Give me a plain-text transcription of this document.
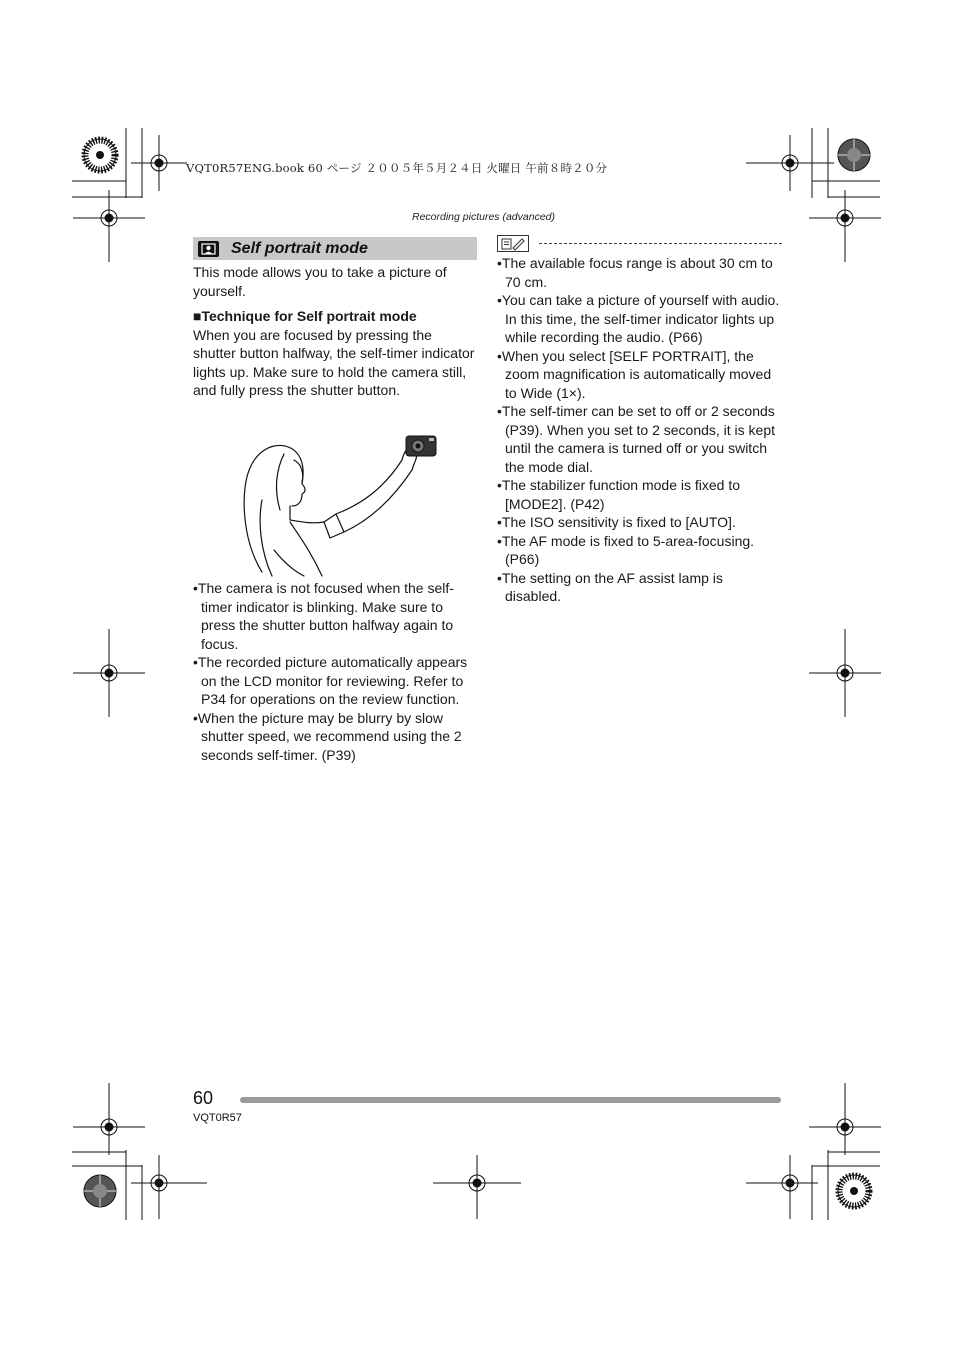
VQT0R57ENG.book 60 ページ ２００５年５月２４日 火曜日 午前８時２０分
Recording pictures (advanced)
Self portrait mode

This mode allows you to take a picture of yourself.

■ Technique for Self portrait mode

When you are focused by pressing the shutter button halfway, the self-timer indicator lights up. Make sure to hold the camera still, and fully press the shutter button.

• The camera is not focused when the self-timer indicator is blinking. Make sure to press the shutter button halfway again to focus.
• The recorded picture automatically appears on the LCD monitor for reviewing. Refer to P34 for operations on the review function.
• When the picture may be blurry by slow shutter speed, we recommend using the 2 seconds self-timer. (P39)
• The available focus range is about 30 cm to 70 cm.
• You can take a picture of yourself with audio. In this time, the self-timer indicator lights up while recording the audio. (P66)
• When you select [SELF PORTRAIT], the zoom magnification is automatically moved to Wide (1×).
• The self-timer can be set to off or 2 seconds (P39). When you set to 2 seconds, it is kept until the camera is turned off or you switch the mode dial.
• The stabilizer function mode is fixed to [MODE2]. (P42)
• The ISO sensitivity is fixed to [AUTO].
• The AF mode is fixed to 5-area-focusing. (P66)
• The setting on the AF assist lamp is disabled.
60
VQT0R57
